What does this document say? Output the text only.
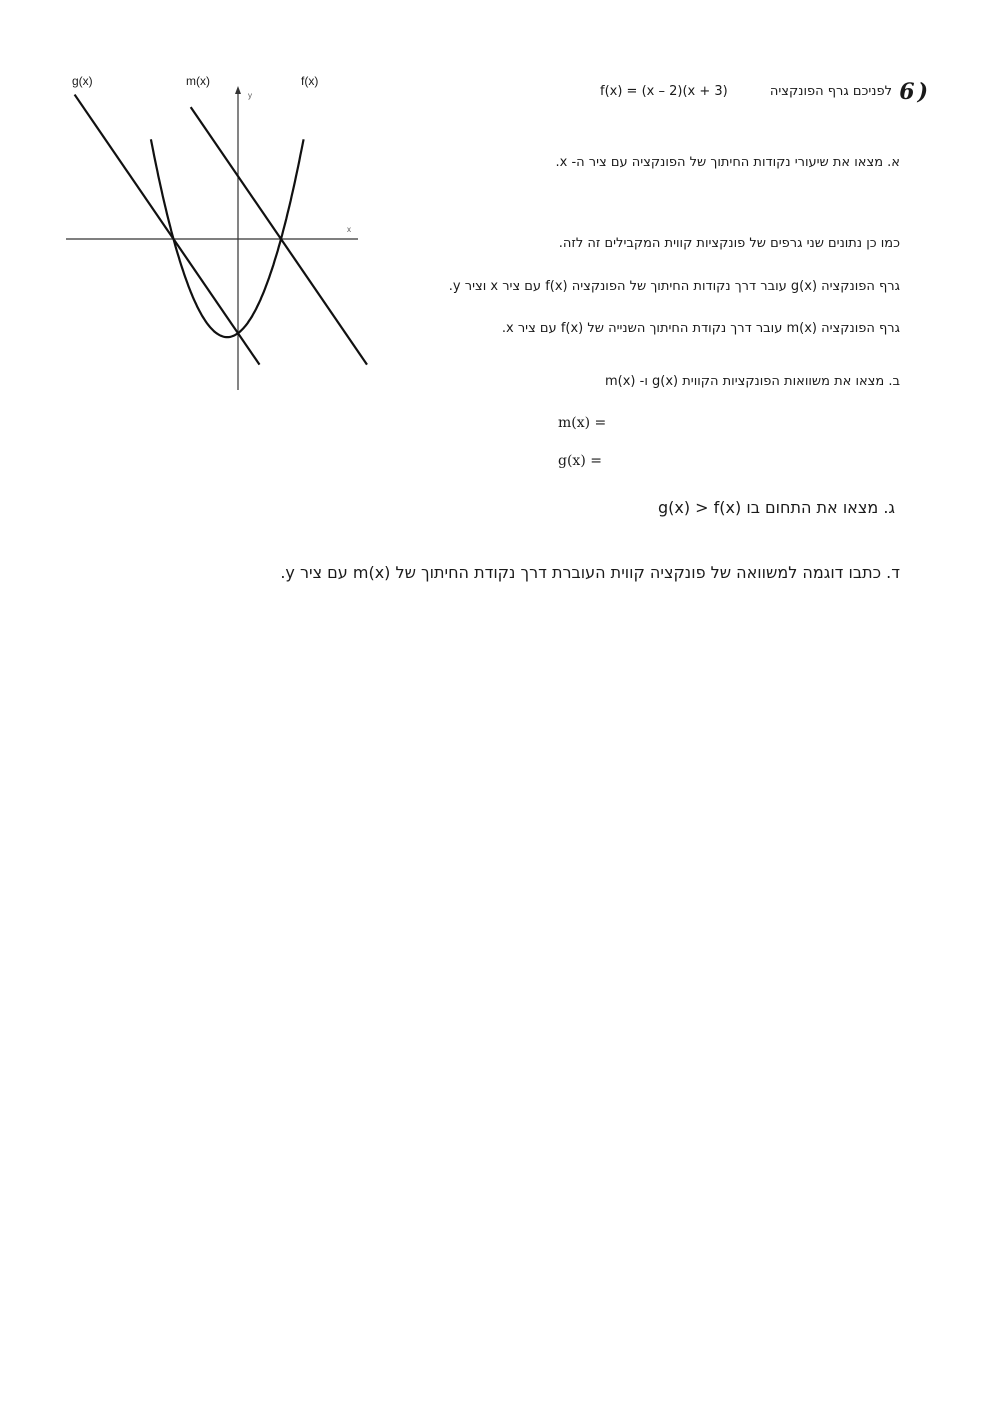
x
y
g(x)	m(x)	f(x)	6 )
לפניכם גרף הפונקציה
f(x) = (x – 2)(x + 3)
א. מצאו את שיעורי נקודות החיתוך של הפונקציה עם ציר ה- x.
כמו כן נתונים שני גרפים של פונקציות קווית המקבילים זה לזה.
גרף הפונקציה g(x) עובר דרך נקודות החיתוך של הפונקציה f(x) עם ציר x וציר y.
גרף הפונקציה m(x) עובר דרך נקודת החיתוך השנייה של f(x) עם ציר x.
ב. מצאו את משוואות הפונקציות הקווית g(x) ו- m(x)
m(x) =
g(x) =
ג. מצאו את התחום בו g(x) > f(x)
ד. כתבו דוגמה למשוואה של פונקציה קווית העוברת דרך נקודת החיתוך של m(x) עם ציר y.
